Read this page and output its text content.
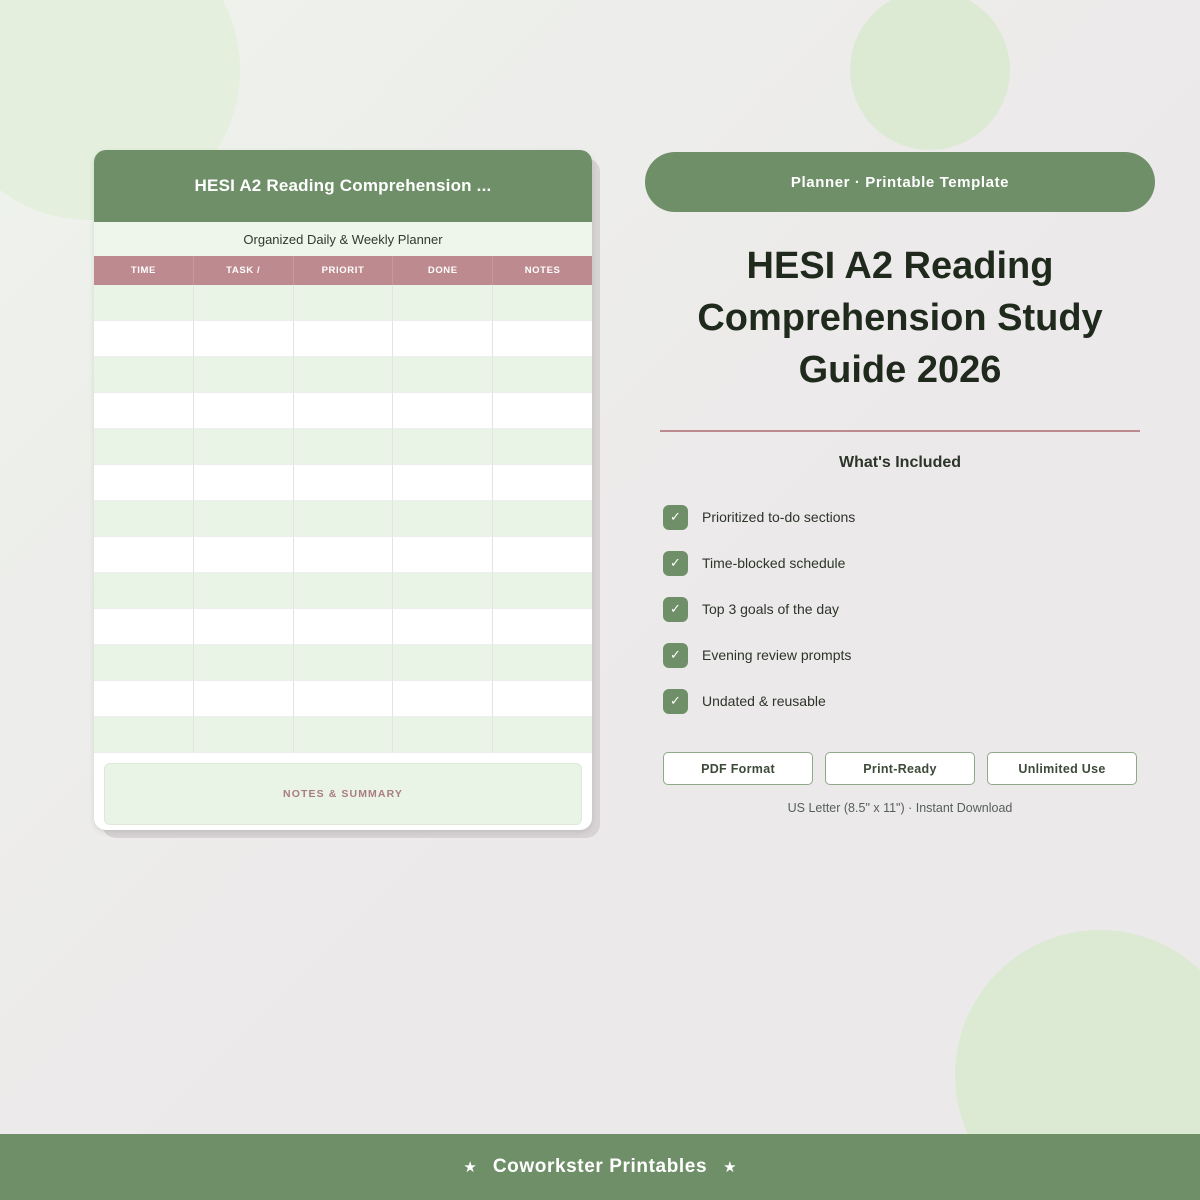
HESI A2 Reading Comprehension ...
Organized Daily & Weekly Planner
TIME	TASK /	PRIORIT	DONE	NOTES
NOTES & SUMMARY
Planner · Printable Template
HESI A2 Reading Comprehension Study Guide 2026
What's Included
✓	Prioritized to-do sections
✓	Time-blocked schedule
✓	Top 3 goals of the day
✓	Evening review prompts
✓	Undated & reusable
PDF Format	Print-Ready	Unlimited Use
US Letter (8.5" x 11") · Instant Download
★ Coworkster Printables ★
